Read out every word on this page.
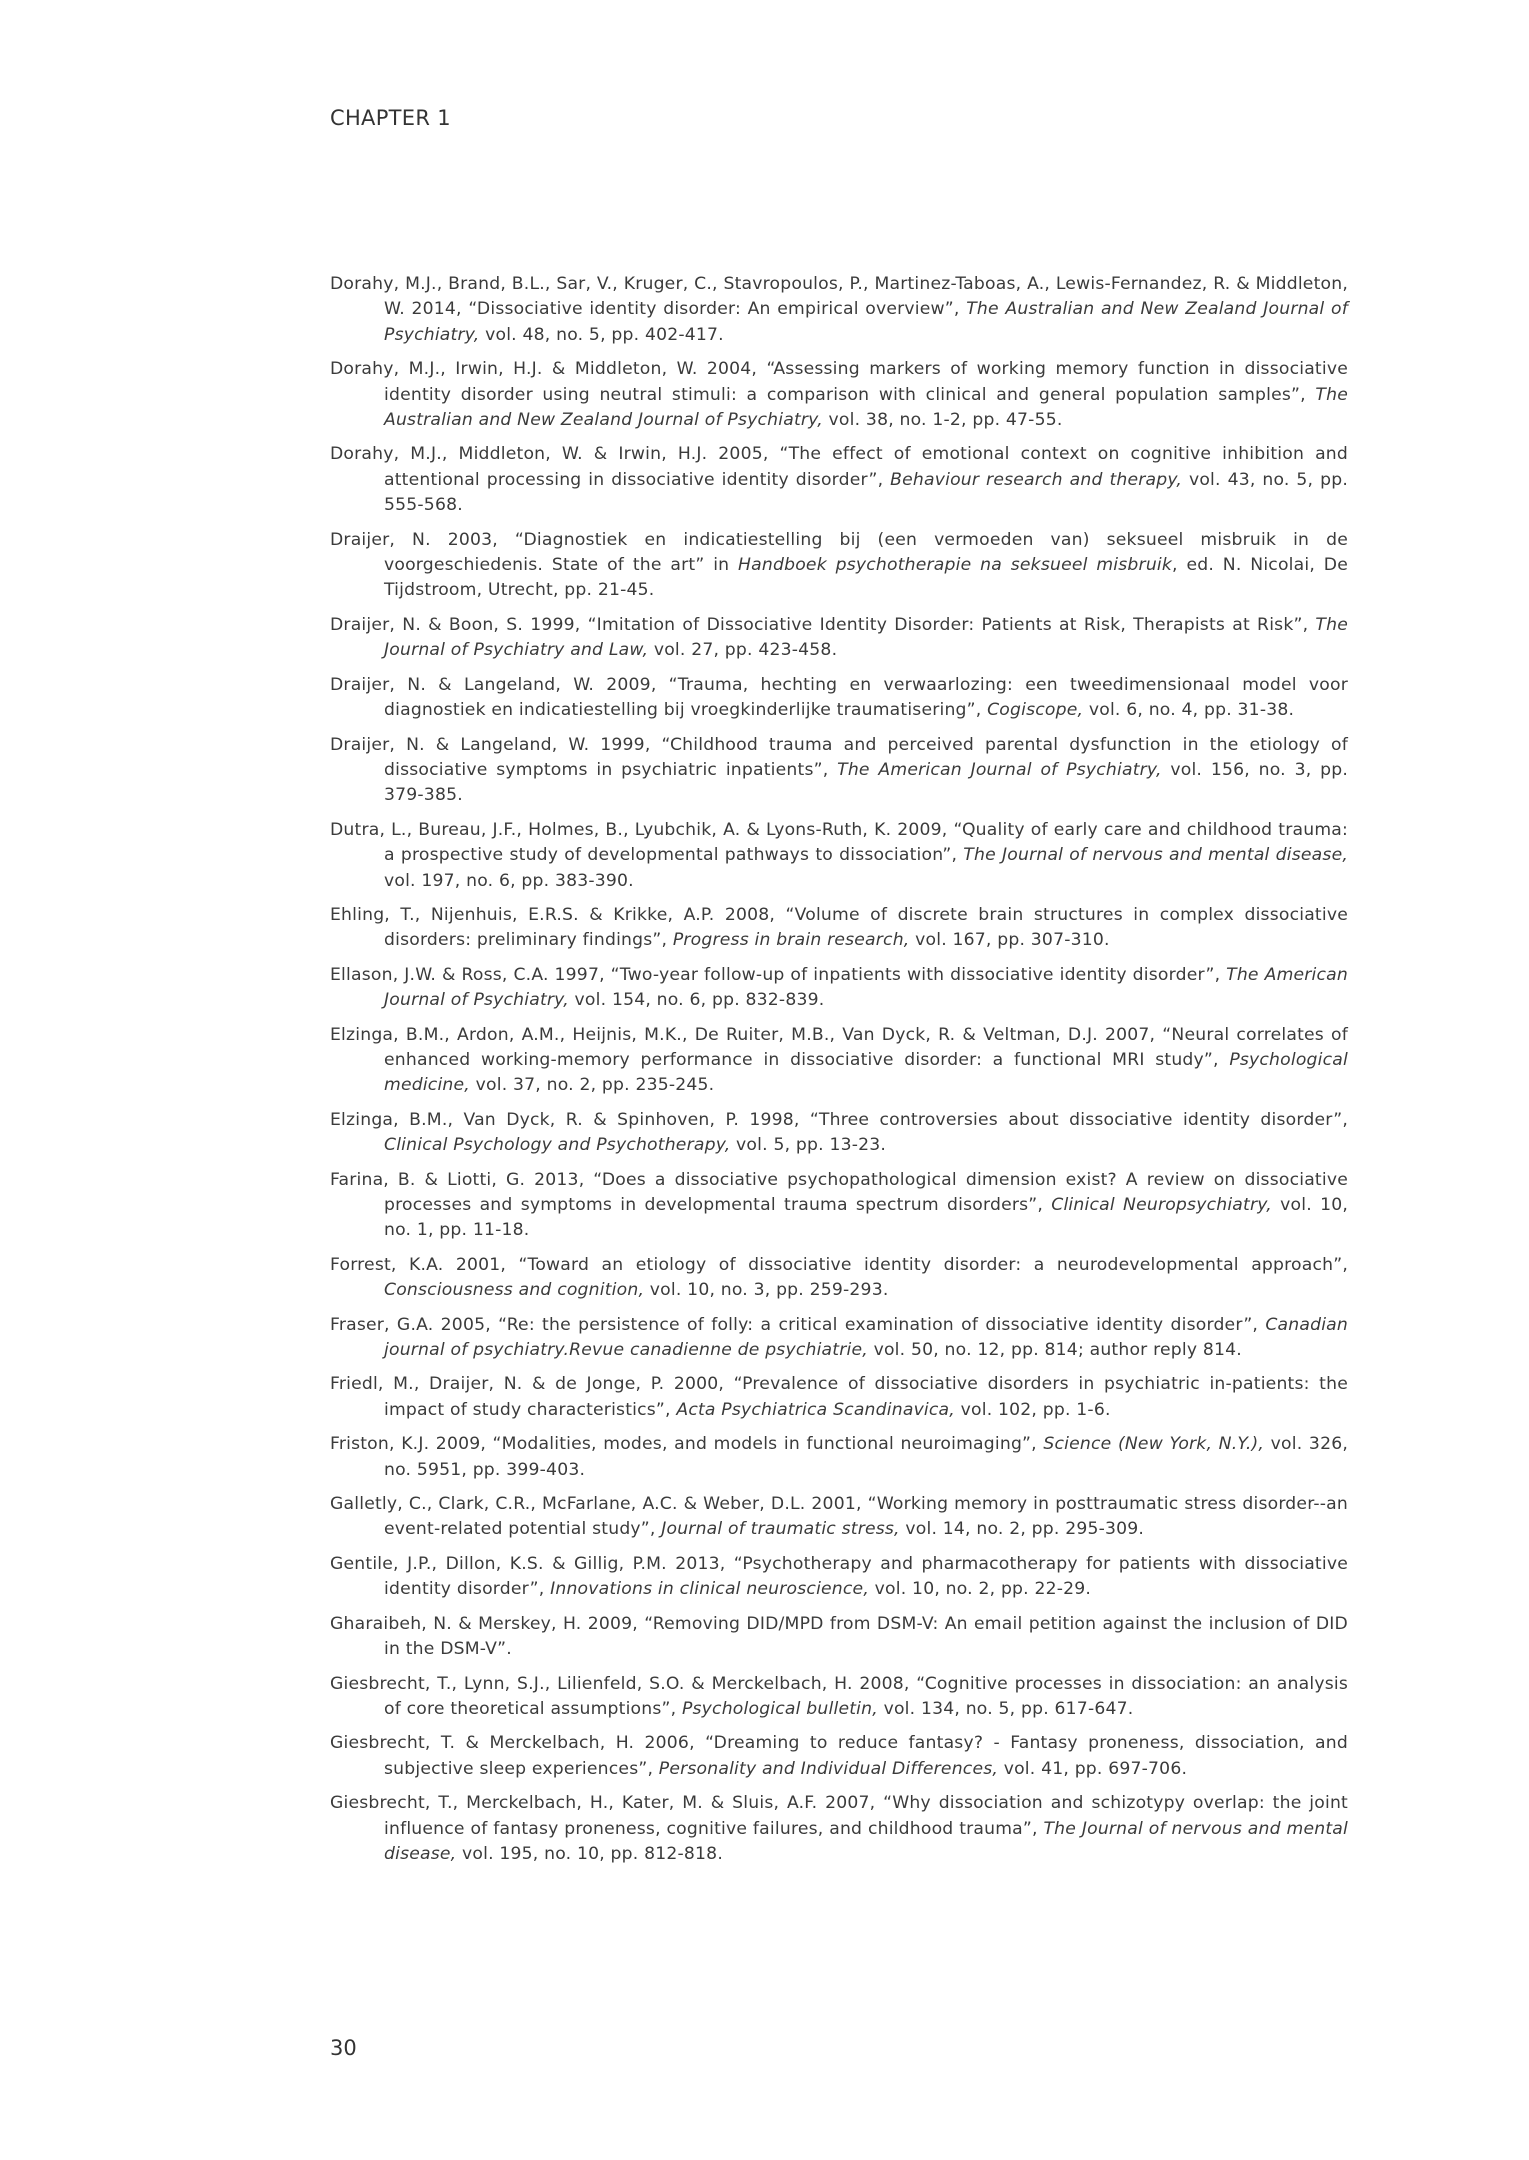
CHAPTER 1

Dorahy, M.J., Brand, B.L., Sar, V., Kruger, C., Stavropoulos, P., Martinez-Taboas, A., Lewis-Fernandez, R. & Middleton, W. 2014, “Dissociative identity disorder: An empirical overview”, The Australian and New Zealand Journal of Psychiatry, vol. 48, no. 5, pp. 402-417.

Dorahy, M.J., Irwin, H.J. & Middleton, W. 2004, “Assessing markers of working memory function in dissociative identity disorder using neutral stimuli: a comparison with clinical and general population samples”, The Australian and New Zealand Journal of Psychiatry, vol. 38, no. 1-2, pp. 47-55.

Dorahy, M.J., Middleton, W. & Irwin, H.J. 2005, “The effect of emotional context on cognitive inhibition and attentional processing in dissociative identity disorder”, Behaviour research and therapy, vol. 43, no. 5, pp. 555-568.

Draijer, N. 2003, “Diagnostiek en indicatiestelling bij (een vermoeden van) seksueel misbruik in de voorgeschiedenis. State of the art” in Handboek psychotherapie na seksueel misbruik, ed. N. Nicolai, De Tijdstroom, Utrecht, pp. 21-45.

Draijer, N. & Boon, S. 1999, “Imitation of Dissociative Identity Disorder: Patients at Risk, Therapists at Risk”, The Journal of Psychiatry and Law, vol. 27, pp. 423-458.

Draijer, N. & Langeland, W. 2009, “Trauma, hechting en verwaarlozing: een tweedimensionaal model voor diagnostiek en indicatiestelling bij vroegkinderlijke traumatisering”, Cogiscope, vol. 6, no. 4, pp. 31-38.

Draijer, N. & Langeland, W. 1999, “Childhood trauma and perceived parental dysfunction in the etiology of dissociative symptoms in psychiatric inpatients”, The American Journal of Psychiatry, vol. 156, no. 3, pp. 379-385.

Dutra, L., Bureau, J.F., Holmes, B., Lyubchik, A. & Lyons-Ruth, K. 2009, “Quality of early care and childhood trauma: a prospective study of developmental pathways to dissociation”, The Journal of nervous and mental disease, vol. 197, no. 6, pp. 383-390.

Ehling, T., Nijenhuis, E.R.S. & Krikke, A.P. 2008, “Volume of discrete brain structures in complex dissociative disorders: preliminary findings”, Progress in brain research, vol. 167, pp. 307-310.

Ellason, J.W. & Ross, C.A. 1997, “Two-year follow-up of inpatients with dissociative identity disorder”, The American Journal of Psychiatry, vol. 154, no. 6, pp. 832-839.

Elzinga, B.M., Ardon, A.M., Heijnis, M.K., De Ruiter, M.B., Van Dyck, R. & Veltman, D.J. 2007, “Neural correlates of enhanced working-memory performance in dissociative disorder: a functional MRI study”, Psychological medicine, vol. 37, no. 2, pp. 235-245.

Elzinga, B.M., Van Dyck, R. & Spinhoven, P. 1998, “Three controversies about dissociative identity disorder”, Clinical Psychology and Psychotherapy, vol. 5, pp. 13-23.

Farina, B. & Liotti, G. 2013, “Does a dissociative psychopathological dimension exist? A review on dissociative processes and symptoms in developmental trauma spectrum disorders”, Clinical Neuropsychiatry, vol. 10, no. 1, pp. 11-18.

Forrest, K.A. 2001, “Toward an etiology of dissociative identity disorder: a neurodevelopmental approach”, Consciousness and cognition, vol. 10, no. 3, pp. 259-293.

Fraser, G.A. 2005, “Re: the persistence of folly: a critical examination of dissociative identity disorder”, Canadian journal of psychiatry.Revue canadienne de psychiatrie, vol. 50, no. 12, pp. 814; author reply 814.

Friedl, M., Draijer, N. & de Jonge, P. 2000, “Prevalence of dissociative disorders in psychiatric in-patients: the impact of study characteristics”, Acta Psychiatrica Scandinavica, vol. 102, pp. 1-6.

Friston, K.J. 2009, “Modalities, modes, and models in functional neuroimaging”, Science (New York, N.Y.), vol. 326, no. 5951, pp. 399-403.

Galletly, C., Clark, C.R., McFarlane, A.C. & Weber, D.L. 2001, “Working memory in posttraumatic stress disorder--an event-related potential study”, Journal of traumatic stress, vol. 14, no. 2, pp. 295-309.

Gentile, J.P., Dillon, K.S. & Gillig, P.M. 2013, “Psychotherapy and pharmacotherapy for patients with dissociative identity disorder”, Innovations in clinical neuroscience, vol. 10, no. 2, pp. 22-29.

Gharaibeh, N. & Merskey, H. 2009, “Removing DID/MPD from DSM-V: An email petition against the inclusion of DID in the DSM-V”.

Giesbrecht, T., Lynn, S.J., Lilienfeld, S.O. & Merckelbach, H. 2008, “Cognitive processes in dissociation: an analysis of core theoretical assumptions”, Psychological bulletin, vol. 134, no. 5, pp. 617-647.

Giesbrecht, T. & Merckelbach, H. 2006, “Dreaming to reduce fantasy? - Fantasy proneness, dissociation, and subjective sleep experiences”, Personality and Individual Differences, vol. 41, pp. 697-706.

Giesbrecht, T., Merckelbach, H., Kater, M. & Sluis, A.F. 2007, “Why dissociation and schizotypy overlap: the joint influence of fantasy proneness, cognitive failures, and childhood trauma”, The Journal of nervous and mental disease, vol. 195, no. 10, pp. 812-818.

30
